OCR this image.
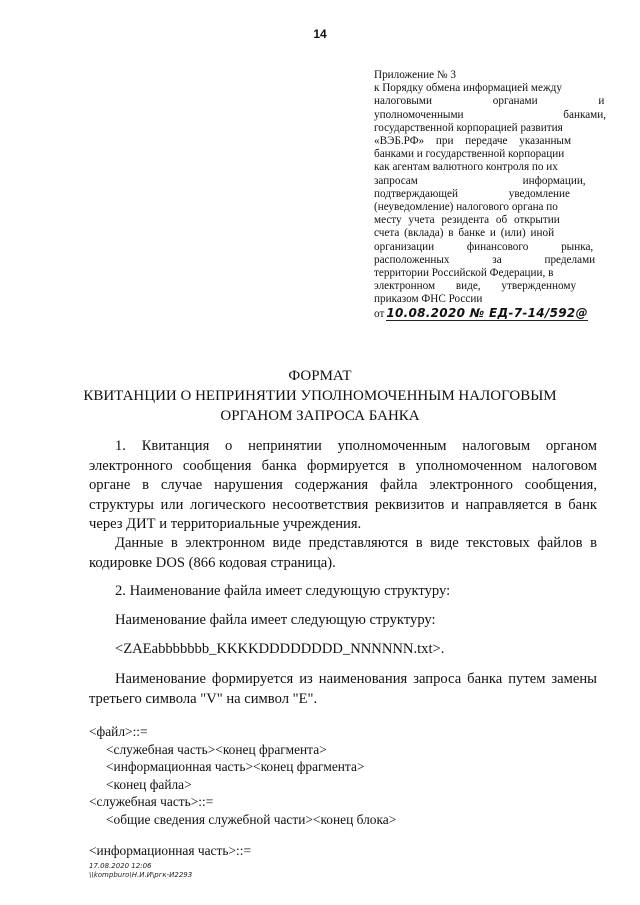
14
Приложение № 3
к Порядку обмена информацией между
налоговыми органами и
уполномоченными банками,
государственной корпорацией развития
«ВЭБ.РФ» при передаче указанным
банками и государственной корпорации
как агентам валютного контроля по их
запросам информации,
подтверждающей уведомление
(неуведомление) налогового органа по
месту учета резидента об открытии
счета (вклада) в банке и (или) иной
организации финансового рынка,
расположенных за пределами
территории Российской Федерации, в
электронном виде, утвержденному
приказом ФНС России
от 10.08.2020 № ЕД-7-14/592@
ФОРМАТ
КВИТАНЦИИ О НЕПРИНЯТИИ УПОЛНОМОЧЕННЫМ НАЛОГОВЫМ
ОРГАНОМ ЗАПРОСА БАНКА
1. Квитанция о непринятии уполномоченным налоговым органом электронного сообщения банка формируется в уполномоченном налоговом органе в случае нарушения содержания файла электронного сообщения, структуры или логического несоответствия реквизитов и направляется в банк через ДИТ и территориальные учреждения.
Данные в электронном виде представляются в виде текстовых файлов в кодировке DOS (866 кодовая страница).
2. Наименование файла имеет следующую структуру:
Наименование файла имеет следующую структуру:
<ZAEabbbbbbb_KKKKDDDDDDDD_NNNNNN.txt>.
Наименование формируется из наименования запроса банка путем замены третьего символа "V" на символ "E".
<файл>::=
<служебная часть><конец фрагмента>
<информационная часть><конец фрагмента>
<конец файла>
<служебная часть>::=
<общие сведения служебной части><конец блока>
<информационная часть>::=
17.08.2020 12:06
\\kompburo\Н.И.И\ргк-И2293
